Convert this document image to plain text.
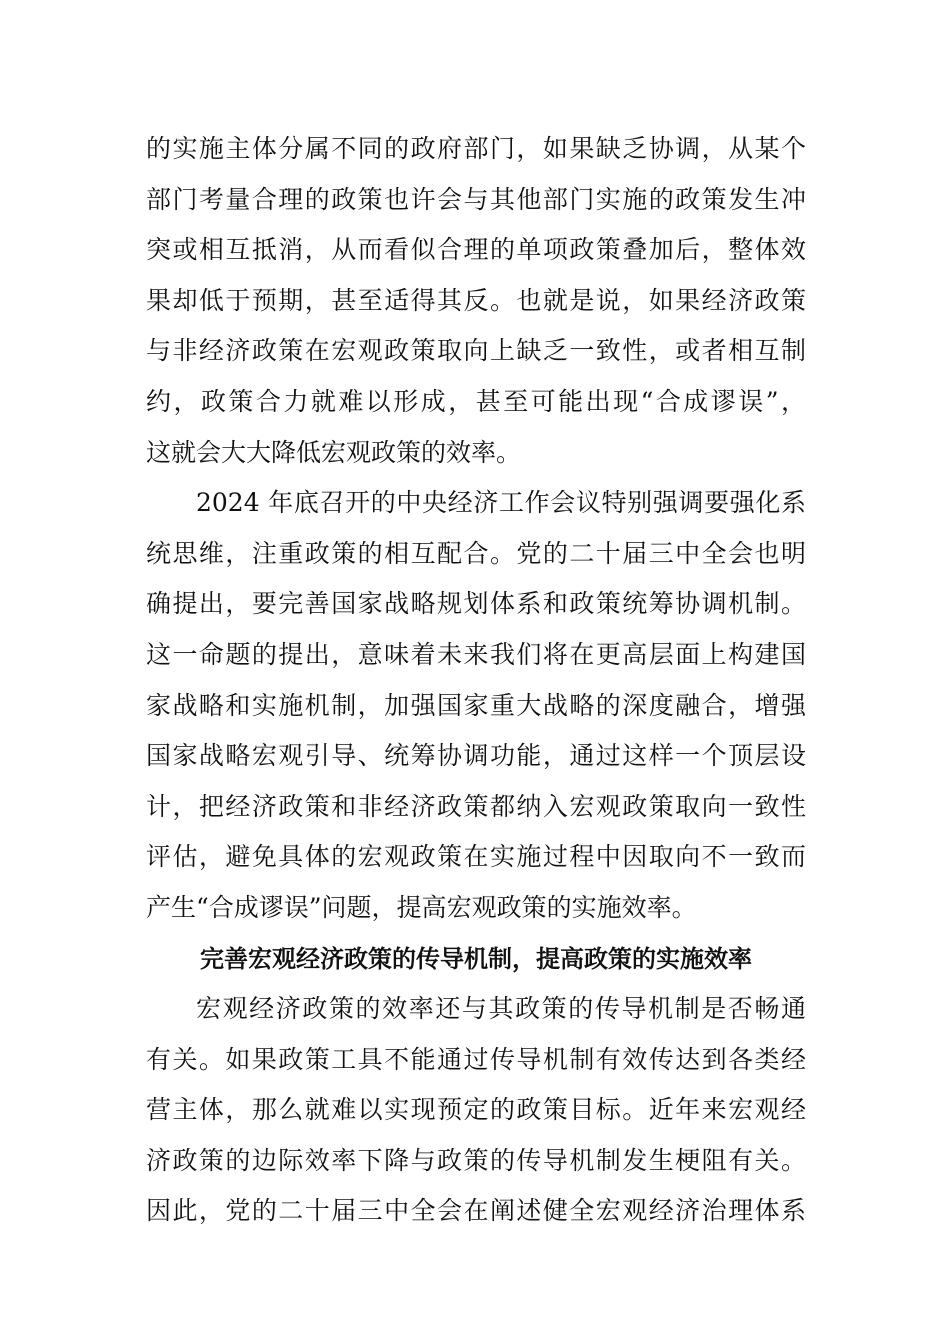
的实施主体分属不同的政府部门，如果缺乏协调，从某个
部门考量合理的政策也许会与其他部门实施的政策发生冲
突或相互抵消，从而看似合理的单项政策叠加后，整体效
果却低于预期，甚至适得其反。也就是说，如果经济政策
与非经济政策在宏观政策取向上缺乏一致性，或者相互制
约，政策合力就难以形成，甚至可能出现“合成谬误”，
这就会大大降低宏观政策的效率。
2024 年底召开的中央经济工作会议特别强调要强化系
统思维，注重政策的相互配合。党的二十届三中全会也明
确提出，要完善国家战略规划体系和政策统筹协调机制。
这一命题的提出，意味着未来我们将在更高层面上构建国
家战略和实施机制，加强国家重大战略的深度融合，增强
国家战略宏观引导、统筹协调功能，通过这样一个顶层设
计，把经济政策和非经济政策都纳入宏观政策取向一致性
评估，避免具体的宏观政策在实施过程中因取向不一致而
产生“合成谬误”问题，提高宏观政策的实施效率。
完善宏观经济政策的传导机制，提高政策的实施效率
宏观经济政策的效率还与其政策的传导机制是否畅通
有关。如果政策工具不能通过传导机制有效传达到各类经
营主体，那么就难以实现预定的政策目标。近年来宏观经
济政策的边际效率下降与政策的传导机制发生梗阻有关。
因此，党的二十届三中全会在阐述健全宏观经济治理体系
